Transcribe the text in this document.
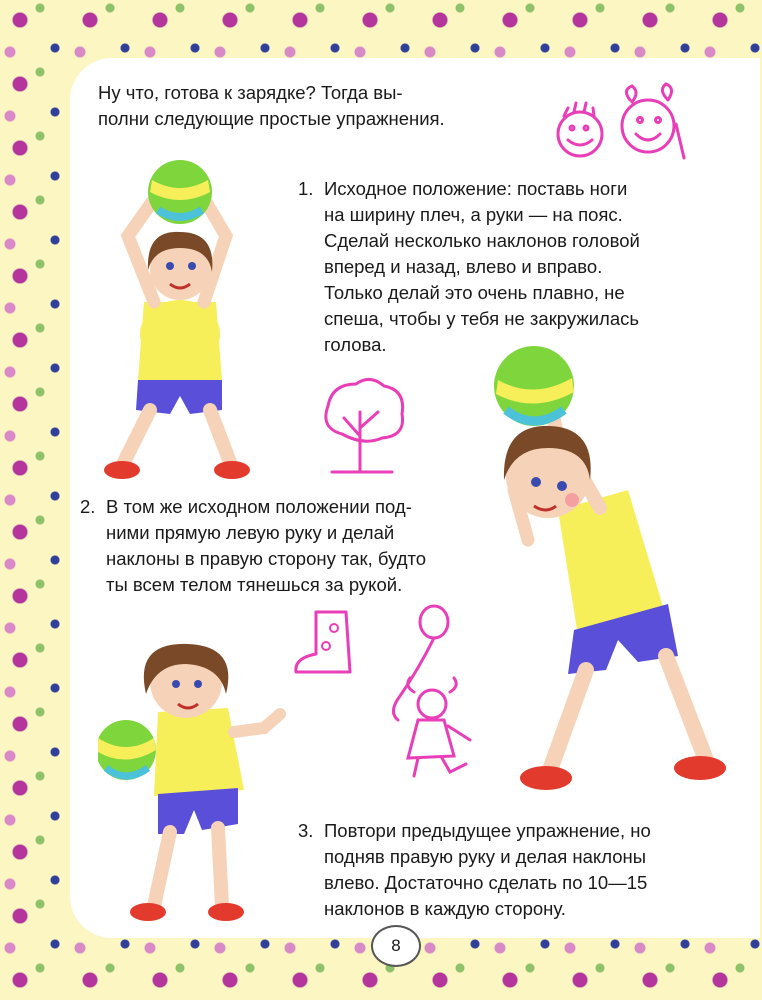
Ну что, готова к зарядке? Тогда вы-
полни следующие простые упражнения.
1. Исходное положение: поставь ноги
на ширину плеч, а руки — на пояс.
Сделай несколько наклонов головой
вперед и назад, влево и вправо.
Только делай это очень плавно, не
спеша, чтобы у тебя не закружилась
голова.
2. В том же исходном положении под-
ними прямую левую руку и делай
наклоны в правую сторону так, будто
ты всем телом тянешься за рукой.
3. Повтори предыдущее упражнение, но
подняв правую руку и делая наклоны
влево. Достаточно сделать по 10—15
наклонов в каждую сторону.
8
